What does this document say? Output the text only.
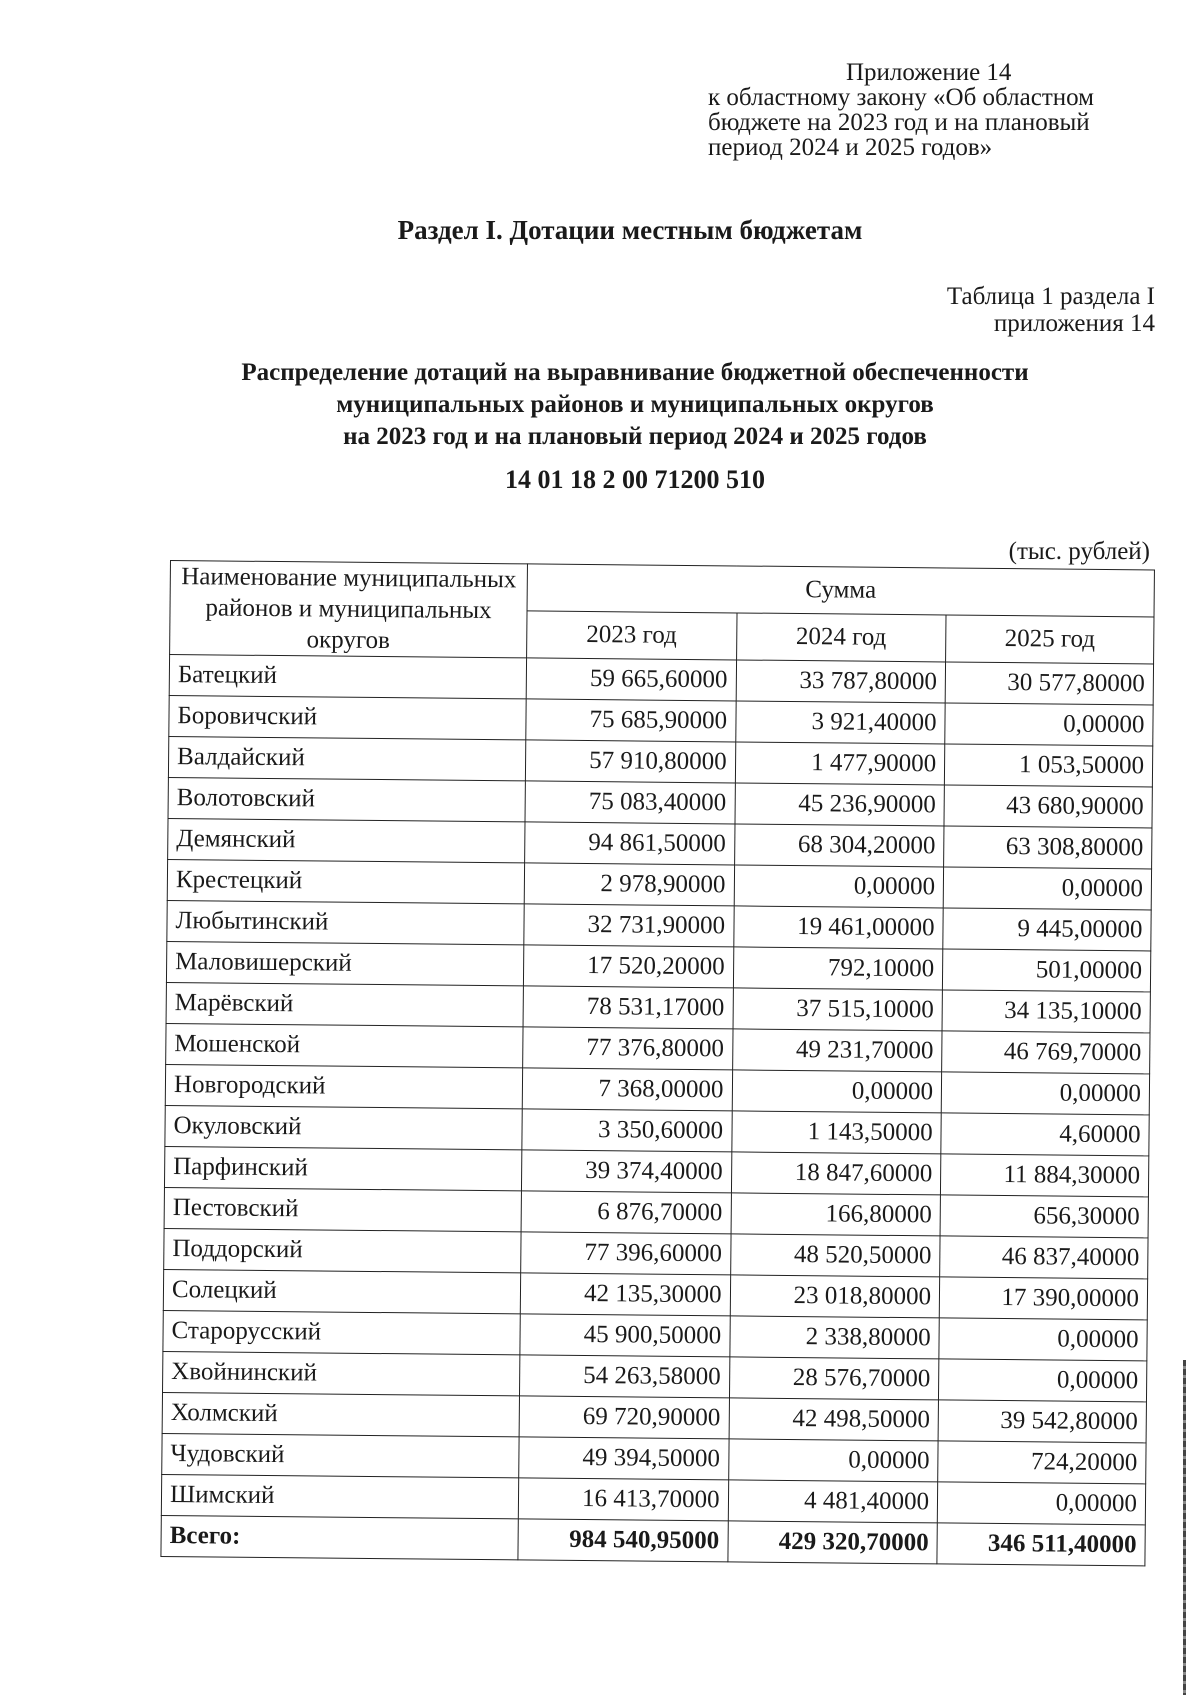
Приложение 14
к областному закону «Об областном
бюджете на 2023 год и на плановый
период 2024 и 2025 годов»
Раздел I. Дотации местным бюджетам
Таблица 1 раздела I
приложения 14
Распределение дотаций на выравнивание бюджетной обеспеченности
муниципальных районов и муниципальных округов
на 2023 год и на плановый период 2024 и 2025 годов
14 01 18 2 00 71200 510
(тыс. рублей)
Наименование муниципальных районов и муниципальных округов	Сумма		
	2023 год	2024 год	2025 год
Батецкий	59 665,60000	33 787,80000	30 577,80000
Боровичский	75 685,90000	3 921,40000	0,00000
Валдайский	57 910,80000	1 477,90000	1 053,50000
Волотовский	75 083,40000	45 236,90000	43 680,90000
Демянский	94 861,50000	68 304,20000	63 308,80000
Крестецкий	2 978,90000	0,00000	0,00000
Любытинский	32 731,90000	19 461,00000	9 445,00000
Маловишерский	17 520,20000	792,10000	501,00000
Марёвский	78 531,17000	37 515,10000	34 135,10000
Мошенской	77 376,80000	49 231,70000	46 769,70000
Новгородский	7 368,00000	0,00000	0,00000
Окуловский	3 350,60000	1 143,50000	4,60000
Парфинский	39 374,40000	18 847,60000	11 884,30000
Пестовский	6 876,70000	166,80000	656,30000
Поддорский	77 396,60000	48 520,50000	46 837,40000
Солецкий	42 135,30000	23 018,80000	17 390,00000
Старорусский	45 900,50000	2 338,80000	0,00000
Хвойнинский	54 263,58000	28 576,70000	0,00000
Холмский	69 720,90000	42 498,50000	39 542,80000
Чудовский	49 394,50000	0,00000	724,20000
Шимский	16 413,70000	4 481,40000	0,00000
Всего:	984 540,95000	429 320,70000	346 511,40000
